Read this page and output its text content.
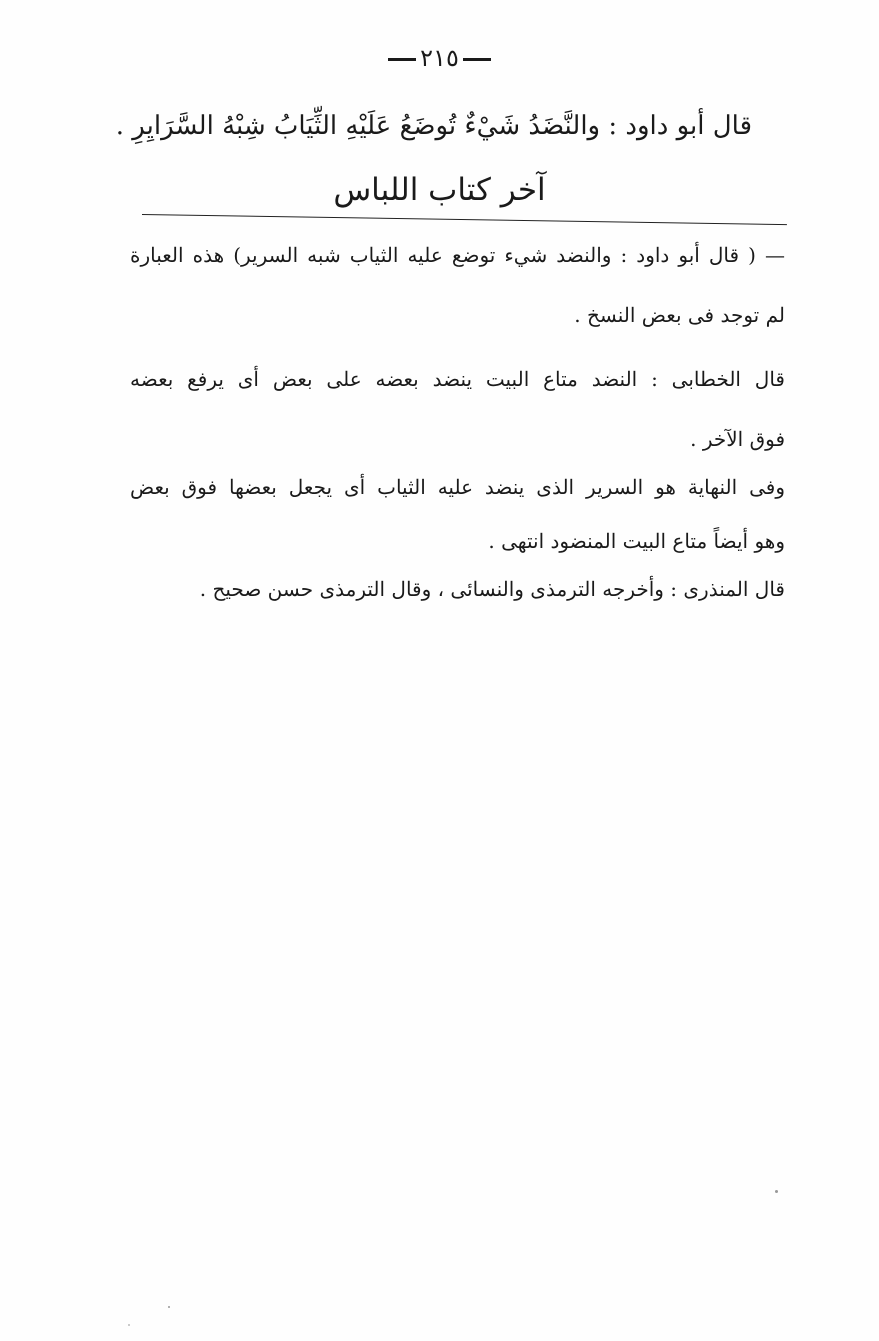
٢١٥
قال أبو داود : والنَّضَدُ شَيْءٌ تُوضَعُ عَلَيْهِ الثِّيَابُ شِبْهُ السَّرَايِرِ .
آخر كتاب اللباس
— ( قال أبو داود : والنضد شيء توضع عليه الثياب شبه السرير) هذه العبارة
لم توجد فى بعض النسخ .
قال الخطابى : النضد متاع البيت ينضد بعضه على بعض أى يرفع بعضه
فوق الآخر .
وفى النهاية هو السرير الذى ينضد عليه الثياب أى يجعل بعضها فوق بعض
وهو أيضاً متاع البيت المنضود انتهى .
قال المنذرى : وأخرجه الترمذى والنسائى ، وقال الترمذى حسن صحيح .
